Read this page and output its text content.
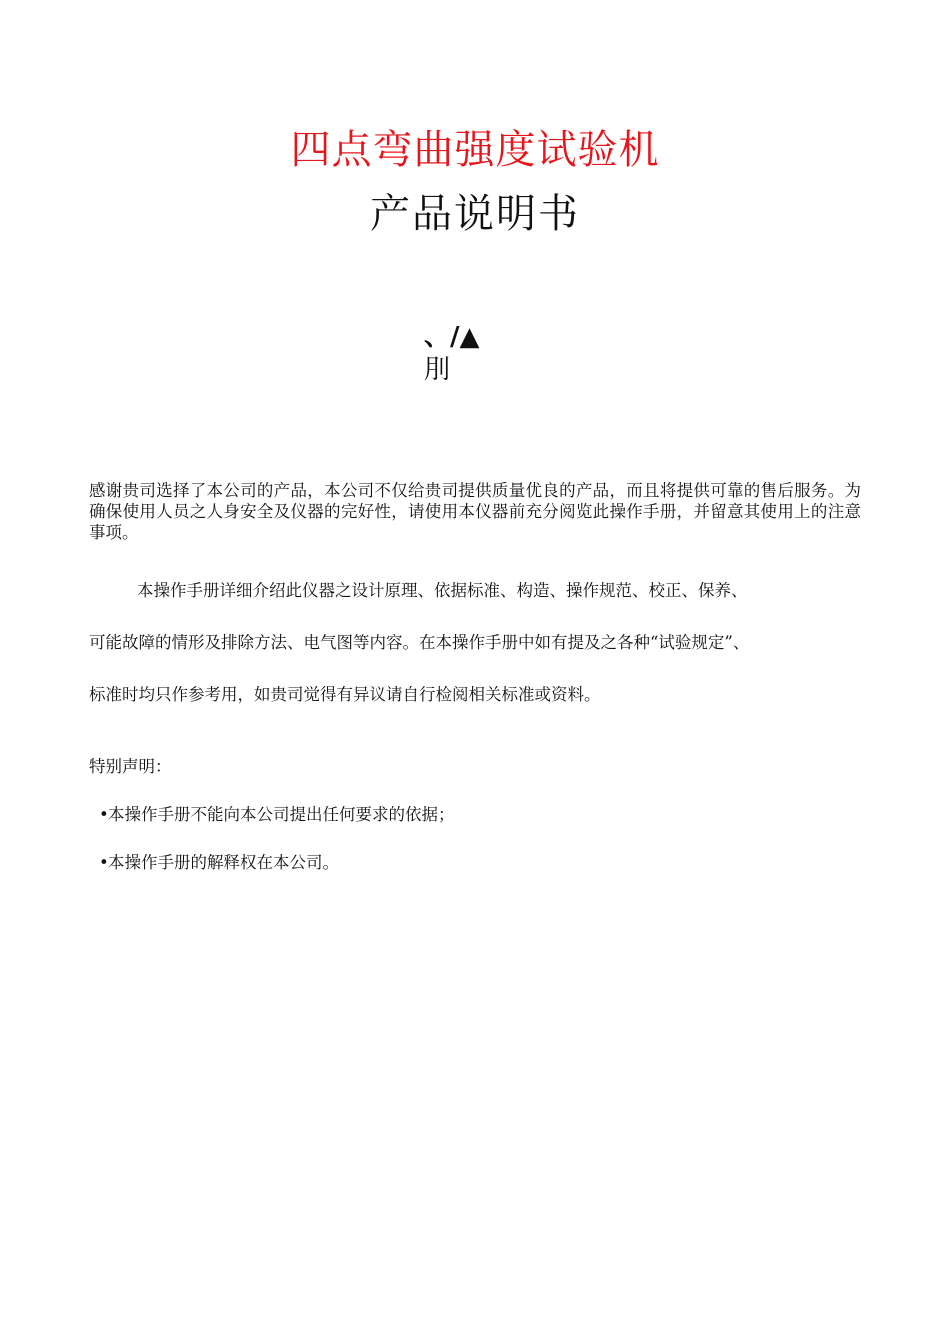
四点弯曲强度试验机
产品说明书
、/▲
刖

感谢贵司选择了本公司的产品，本公司不仅给贵司提供质量优良的产品，而且将提供可靠的售后服务。为确保使用人员之人身安全及仪器的完好性，请使用本仪器前充分阅览此操作手册，并留意其使用上的注意事项。

本操作手册详细介绍此仪器之设计原理、依据标准、构造、操作规范、校正、保养、
可能故障的情形及排除方法、电气图等内容。在本操作手册中如有提及之各种“试验规定”、
标准时均只作参考用，如贵司觉得有异议请自行检阅相关标准或资料。

特别声明：

•本操作手册不能向本公司提出任何要求的依据；
•本操作手册的解释权在本公司。
